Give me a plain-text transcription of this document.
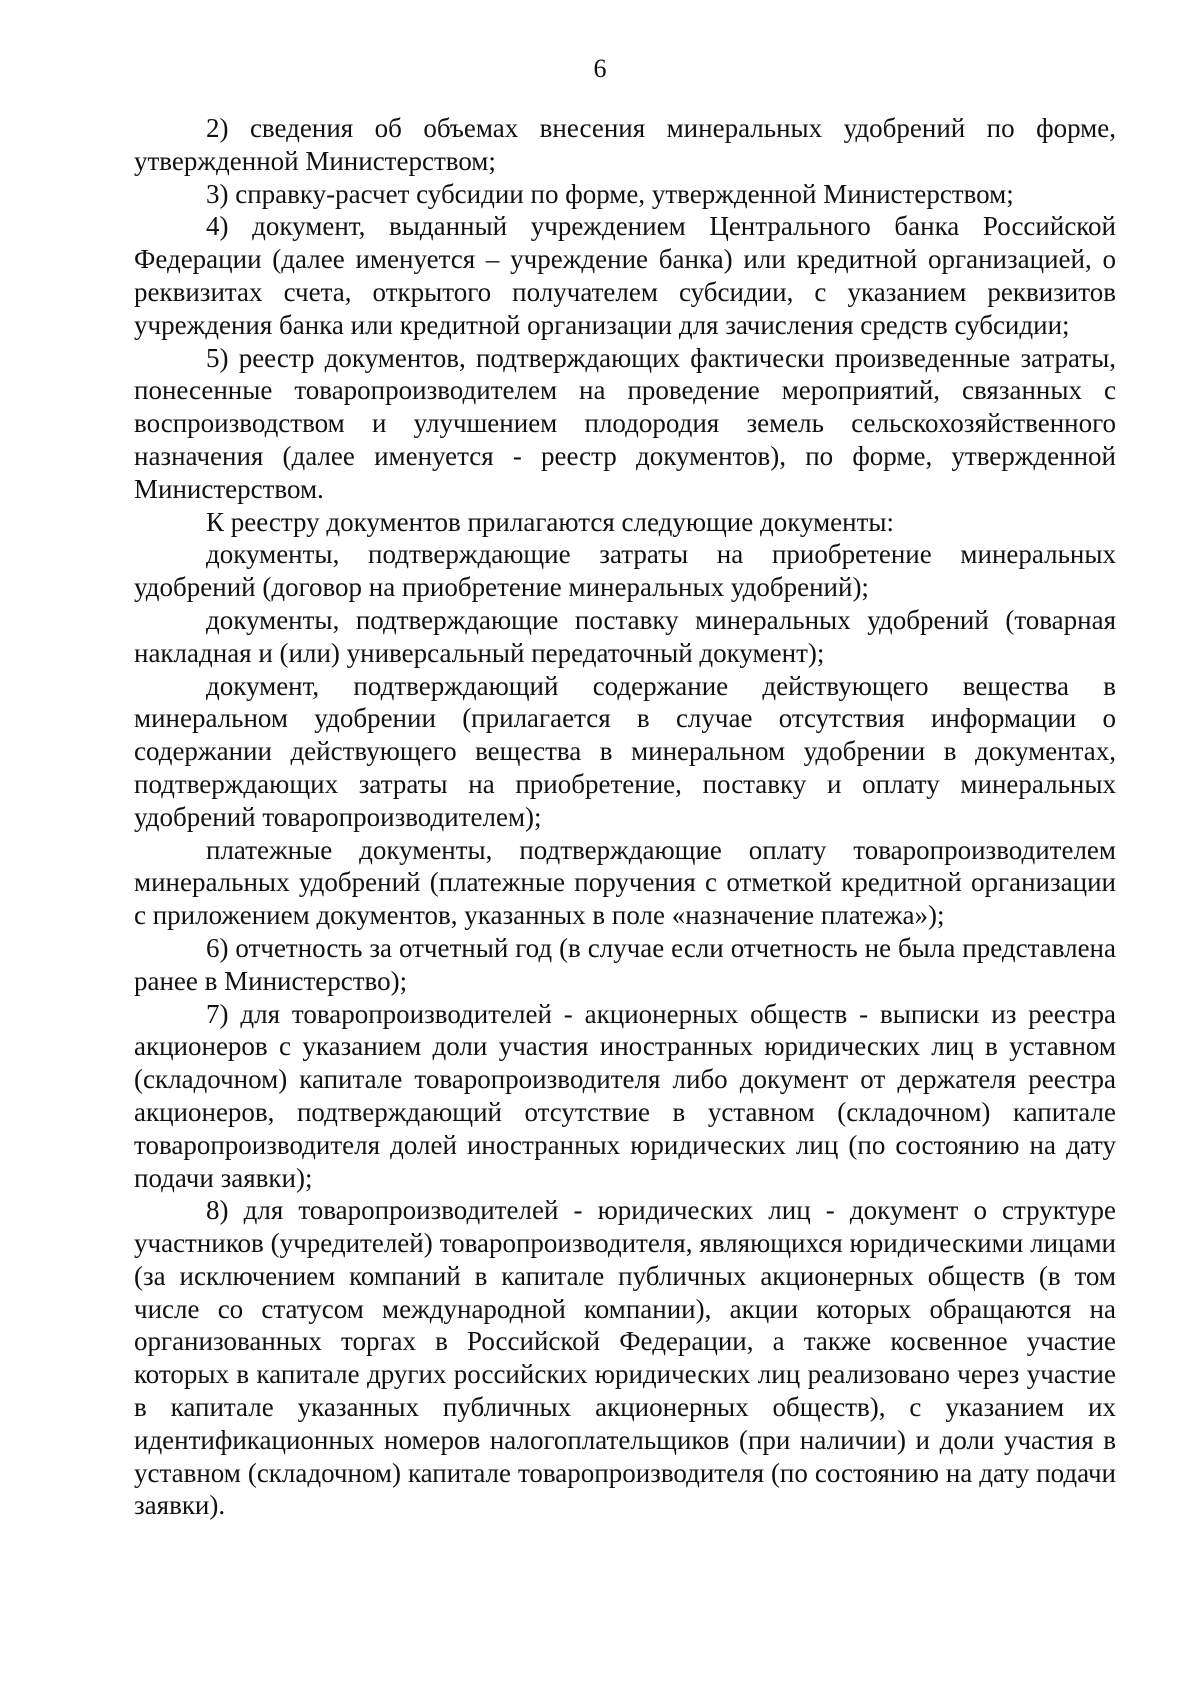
6

2) сведения об объемах внесения минеральных удобрений по форме, утвержденной Министерством;

3) справку-расчет субсидии по форме, утвержденной Министерством;

4) документ, выданный учреждением Центрального банка Российской Федерации (далее именуется – учреждение банка) или кредитной организацией, о реквизитах счета, открытого получателем субсидии, с указанием реквизитов учреждения банка или кредитной организации для зачисления средств субсидии;

5) реестр документов, подтверждающих фактически произведенные затраты, понесенные товаропроизводителем на проведение мероприятий, связанных с воспроизводством и улучшением плодородия земель сельскохозяйственного назначения (далее именуется - реестр документов), по форме, утвержденной Министерством.

К реестру документов прилагаются следующие документы:

документы, подтверждающие затраты на приобретение минеральных удобрений (договор на приобретение минеральных удобрений);

документы, подтверждающие поставку минеральных удобрений (товарная накладная и (или) универсальный передаточный документ);

документ, подтверждающий содержание действующего вещества в минеральном удобрении (прилагается в случае отсутствия информации о содержании действующего вещества в минеральном удобрении в документах, подтверждающих затраты на приобретение, поставку и оплату минеральных удобрений товаропроизводителем);

платежные документы, подтверждающие оплату товаропроизводителем минеральных удобрений (платежные поручения с отметкой кредитной организации с приложением документов, указанных в поле «назначение платежа»);

6) отчетность за отчетный год (в случае если отчетность не была представлена ранее в Министерство);

7) для товаропроизводителей - акционерных обществ - выписки из реестра акционеров с указанием доли участия иностранных юридических лиц в уставном (складочном) капитале товаропроизводителя либо документ от держателя реестра акционеров, подтверждающий отсутствие в уставном (складочном) капитале товаропроизводителя долей иностранных юридических лиц (по состоянию на дату подачи заявки);

8) для товаропроизводителей - юридических лиц - документ о структуре участников (учредителей) товаропроизводителя, являющихся юридическими лицами (за исключением компаний в капитале публичных акционерных обществ (в том числе со статусом международной компании), акции которых обращаются на организованных торгах в Российской Федерации, а также косвенное участие которых в капитале других российских юридических лиц реализовано через участие в капитале указанных публичных акционерных обществ), с указанием их идентификационных номеров налогоплательщиков (при наличии) и доли участия в уставном (складочном) капитале товаропроизводителя (по состоянию на дату подачи заявки).
